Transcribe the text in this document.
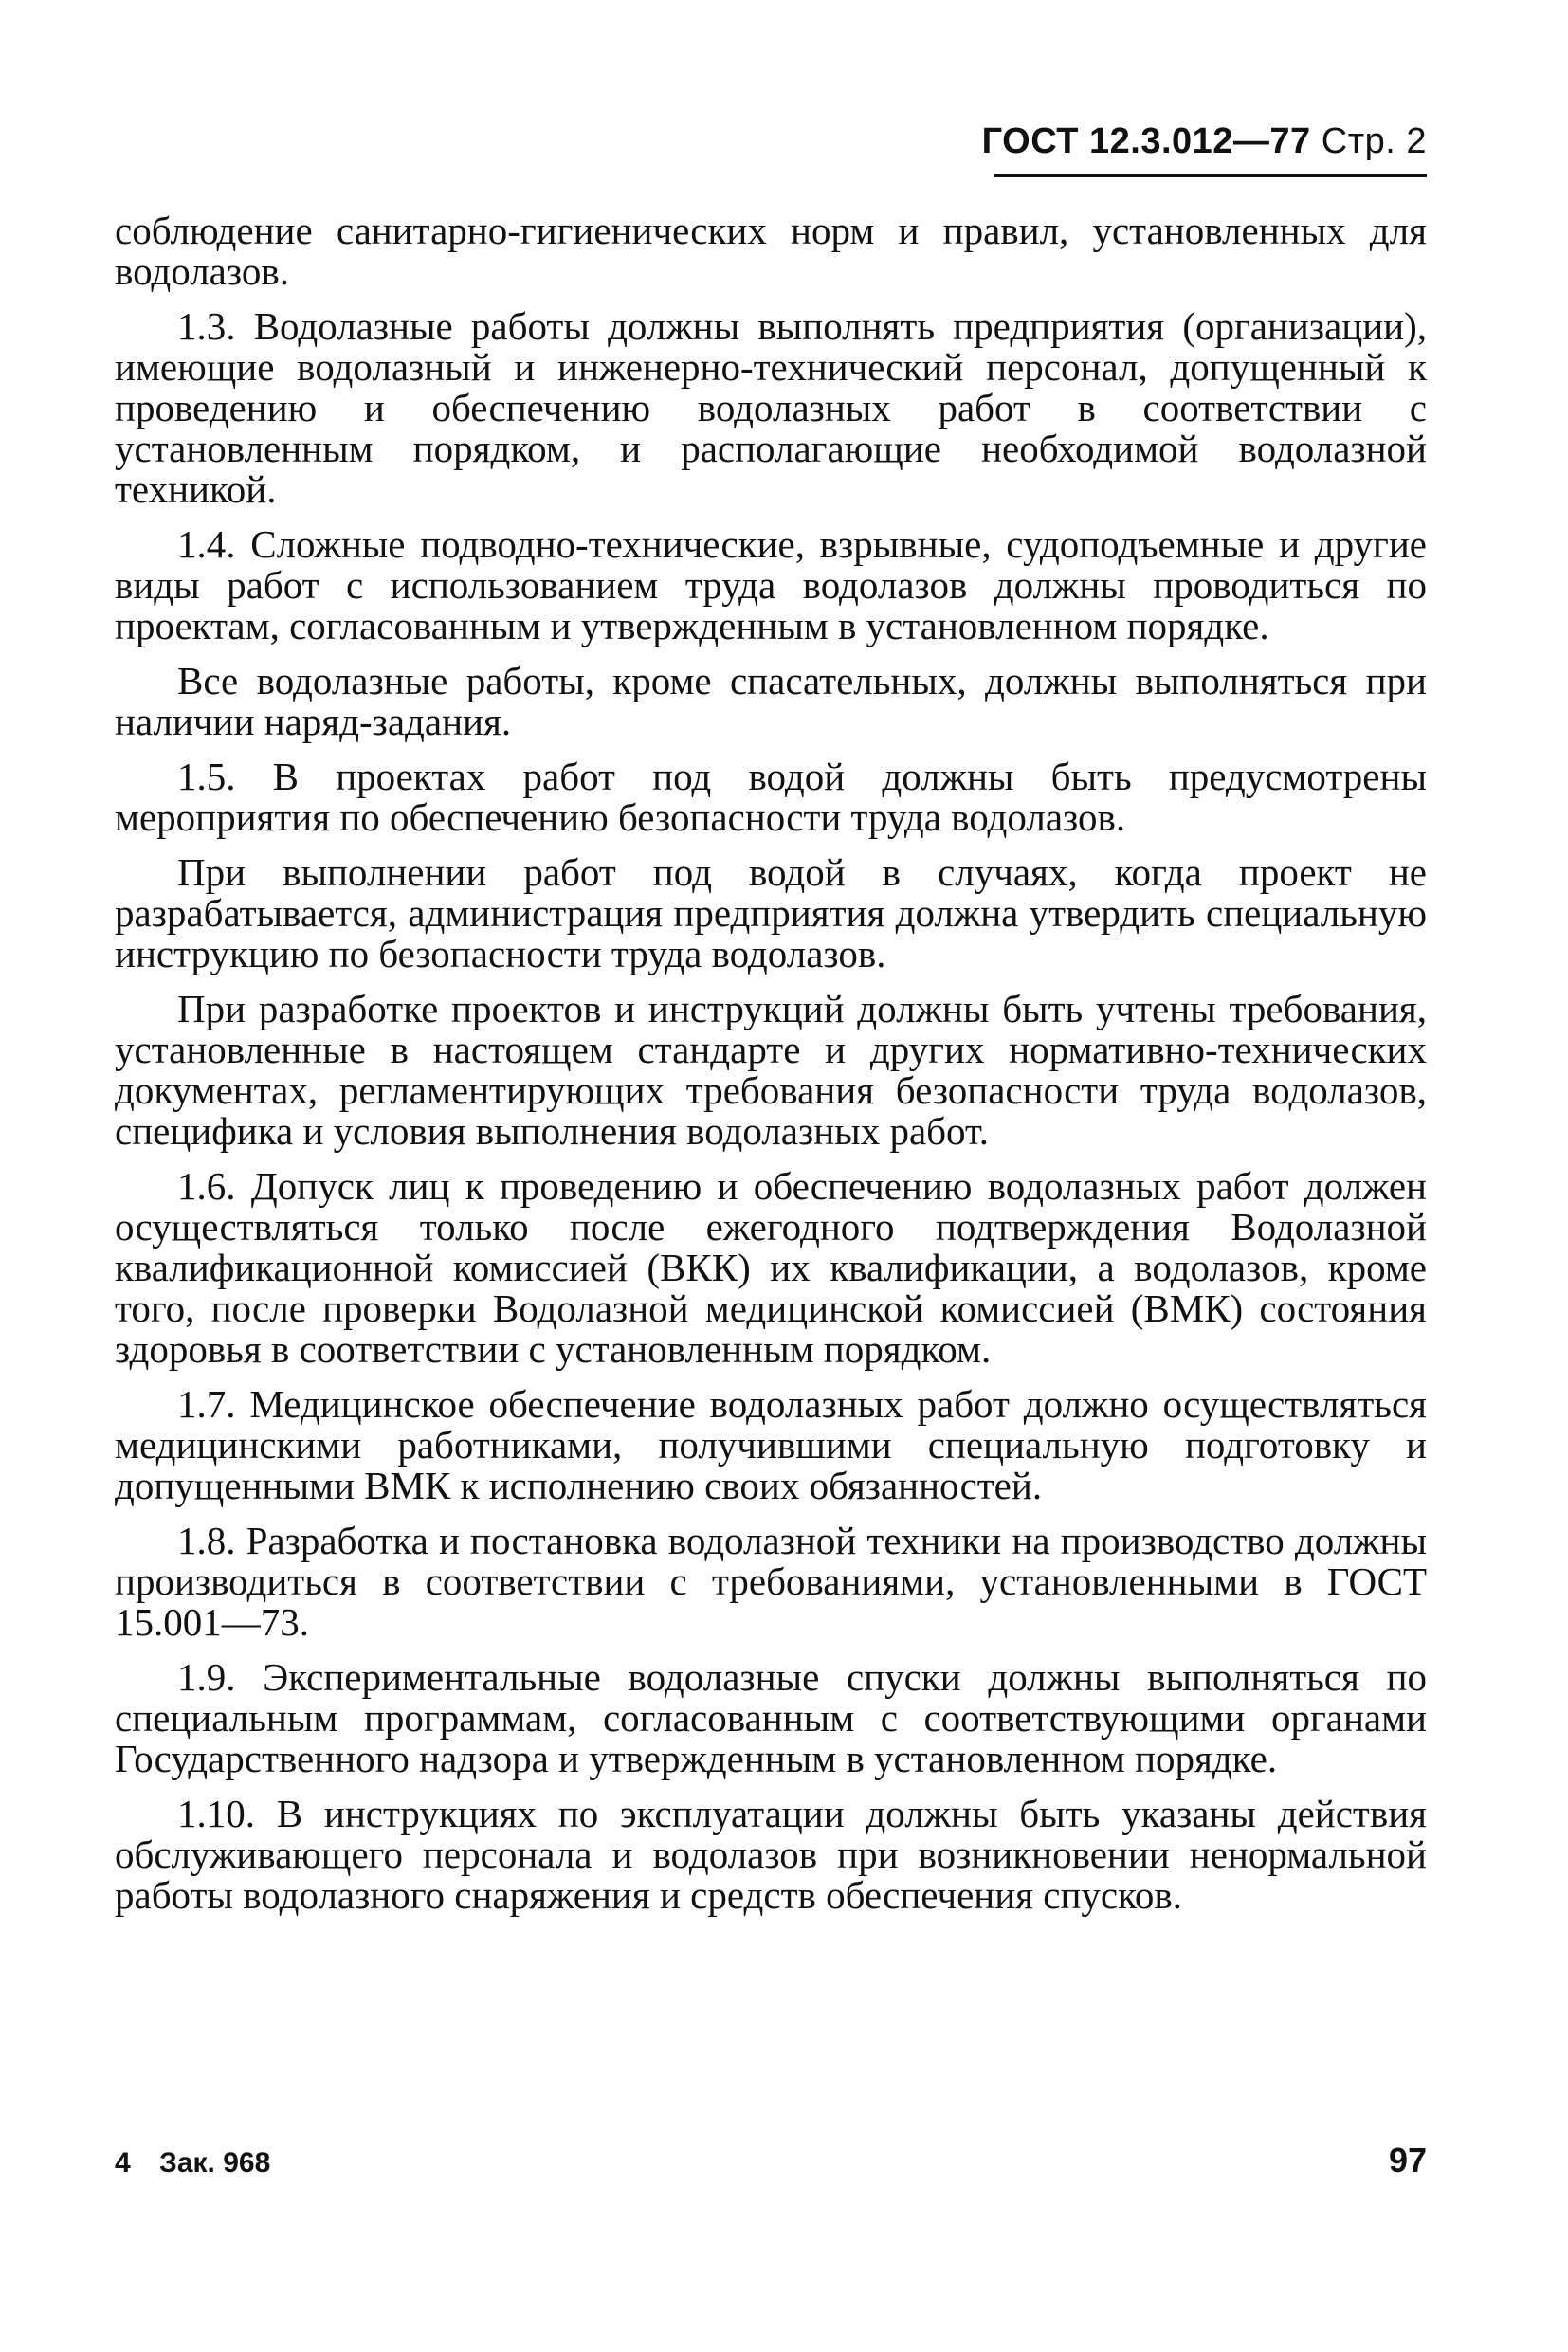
ГОСТ 12.3.012—77 Стр. 2

соблюдение санитарно-гигиенических норм и правил, установленных для водолазов.

1.3. Водолазные работы должны выполнять предприятия (организации), имеющие водолазный и инженерно-технический персонал, допущенный к проведению и обеспечению водолазных работ в соответствии с установленным порядком, и располагающие необходимой водолазной техникой.

1.4. Сложные подводно-технические, взрывные, судоподъемные и другие виды работ с использованием труда водолазов должны проводиться по проектам, согласованным и утвержденным в установленном порядке.

Все водолазные работы, кроме спасательных, должны выполняться при наличии наряд-задания.

1.5. В проектах работ под водой должны быть предусмотрены мероприятия по обеспечению безопасности труда водолазов.

При выполнении работ под водой в случаях, когда проект не разрабатывается, администрация предприятия должна утвердить специальную инструкцию по безопасности труда водолазов.

При разработке проектов и инструкций должны быть учтены требования, установленные в настоящем стандарте и других нормативно-технических документах, регламентирующих требования безопасности труда водолазов, специфика и условия выполнения водолазных работ.

1.6. Допуск лиц к проведению и обеспечению водолазных работ должен осуществляться только после ежегодного подтверждения Водолазной квалификационной комиссией (ВКК) их квалификации, а водолазов, кроме того, после проверки Водолазной медицинской комиссией (ВМК) состояния здоровья в соответствии с установленным порядком.

1.7. Медицинское обеспечение водолазных работ должно осуществляться медицинскими работниками, получившими специальную подготовку и допущенными ВМК к исполнению своих обязанностей.

1.8. Разработка и постановка водолазной техники на производство должны производиться в соответствии с требованиями, установленными в ГОСТ 15.001—73.

1.9. Экспериментальные водолазные спуски должны выполняться по специальным программам, согласованным с соответствующими органами Государственного надзора и утвержденным в установленном порядке.

1.10. В инструкциях по эксплуатации должны быть указаны действия обслуживающего персонала и водолазов при возникновении ненормальной работы водолазного снаряжения и средств обеспечения спусков.

4 Зак. 968	97
